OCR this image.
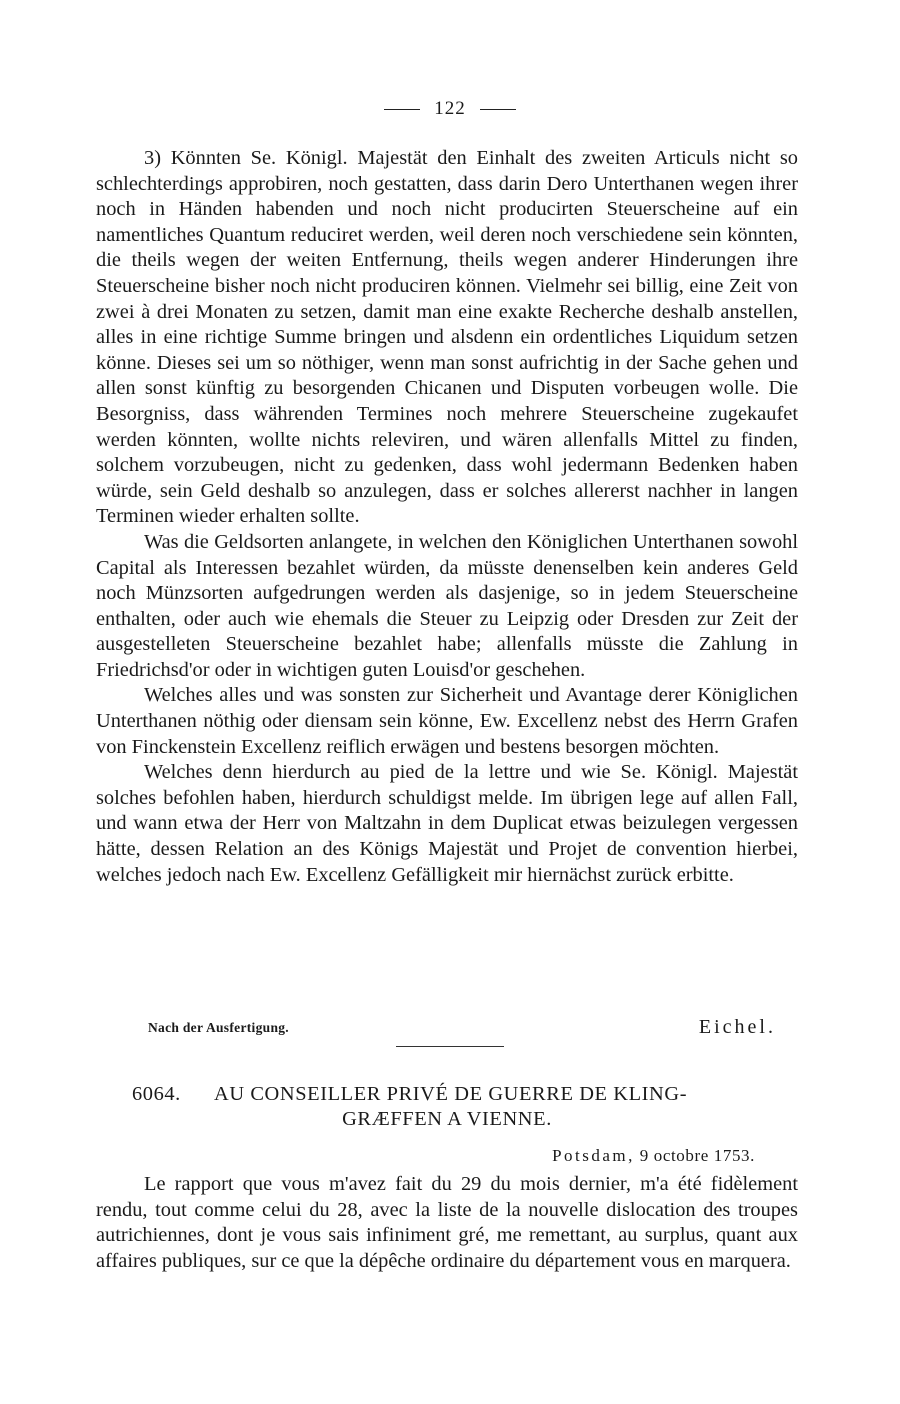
122

3) Könnten Se. Königl. Majestät den Einhalt des zweiten Articuls nicht so schlechterdings approbiren, noch gestatten, dass darin Dero Unterthanen wegen ihrer noch in Händen habenden und noch nicht producirten Steuerscheine auf ein namentliches Quantum reduciret werden, weil deren noch verschiedene sein könnten, die theils wegen der weiten Entfernung, theils wegen anderer Hinderungen ihre Steuerscheine bisher noch nicht produciren können. Vielmehr sei billig, eine Zeit von zwei à drei Monaten zu setzen, damit man eine exakte Recherche deshalb anstellen, alles in eine richtige Summe bringen und alsdenn ein ordentliches Liquidum setzen könne. Dieses sei um so nöthiger, wenn man sonst aufrichtig in der Sache gehen und allen sonst künftig zu besorgenden Chicanen und Disputen vorbeugen wolle. Die Besorgniss, dass währenden Termines noch mehrere Steuerscheine zugekaufet werden könnten, wollte nichts releviren, und wären allenfalls Mittel zu finden, solchem vorzubeugen, nicht zu gedenken, dass wohl jedermann Bedenken haben würde, sein Geld deshalb so anzulegen, dass er solches allererst nachher in langen Terminen wieder erhalten sollte.

Was die Geldsorten anlangete, in welchen den Königlichen Unterthanen sowohl Capital als Interessen bezahlet würden, da müsste denenselben kein anderes Geld noch Münzsorten aufgedrungen werden als dasjenige, so in jedem Steuerscheine enthalten, oder auch wie ehemals die Steuer zu Leipzig oder Dresden zur Zeit der ausgestelleten Steuerscheine bezahlet habe; allenfalls müsste die Zahlung in Friedrichsd'or oder in wichtigen guten Louisd'or geschehen.

Welches alles und was sonsten zur Sicherheit und Avantage derer Königlichen Unterthanen nöthig oder diensam sein könne, Ew. Excellenz nebst des Herrn Grafen von Finckenstein Excellenz reiflich erwägen und bestens besorgen möchten.

Welches denn hierdurch au pied de la lettre und wie Se. Königl. Majestät solches befohlen haben, hierdurch schuldigst melde. Im übrigen lege auf allen Fall, und wann etwa der Herr von Maltzahn in dem Duplicat etwas beizulegen vergessen hätte, dessen Relation an des Königs Majestät und Projet de convention hierbei, welches jedoch nach Ew. Excellenz Gefälligkeit mir hiernächst zurück erbitte.

Nach der Ausfertigung.	Eichel.
6064. AU CONSEILLER PRIVÉ DE GUERRE DE KLING-
GRÆFFEN A VIENNE.
Potsdam, 9 octobre 1753.

Le rapport que vous m'avez fait du 29 du mois dernier, m'a été fidèlement rendu, tout comme celui du 28, avec la liste de la nouvelle dislocation des troupes autrichiennes, dont je vous sais infiniment gré, me remettant, au surplus, quant aux affaires publiques, sur ce que la dépêche ordinaire du département vous en marquera.
